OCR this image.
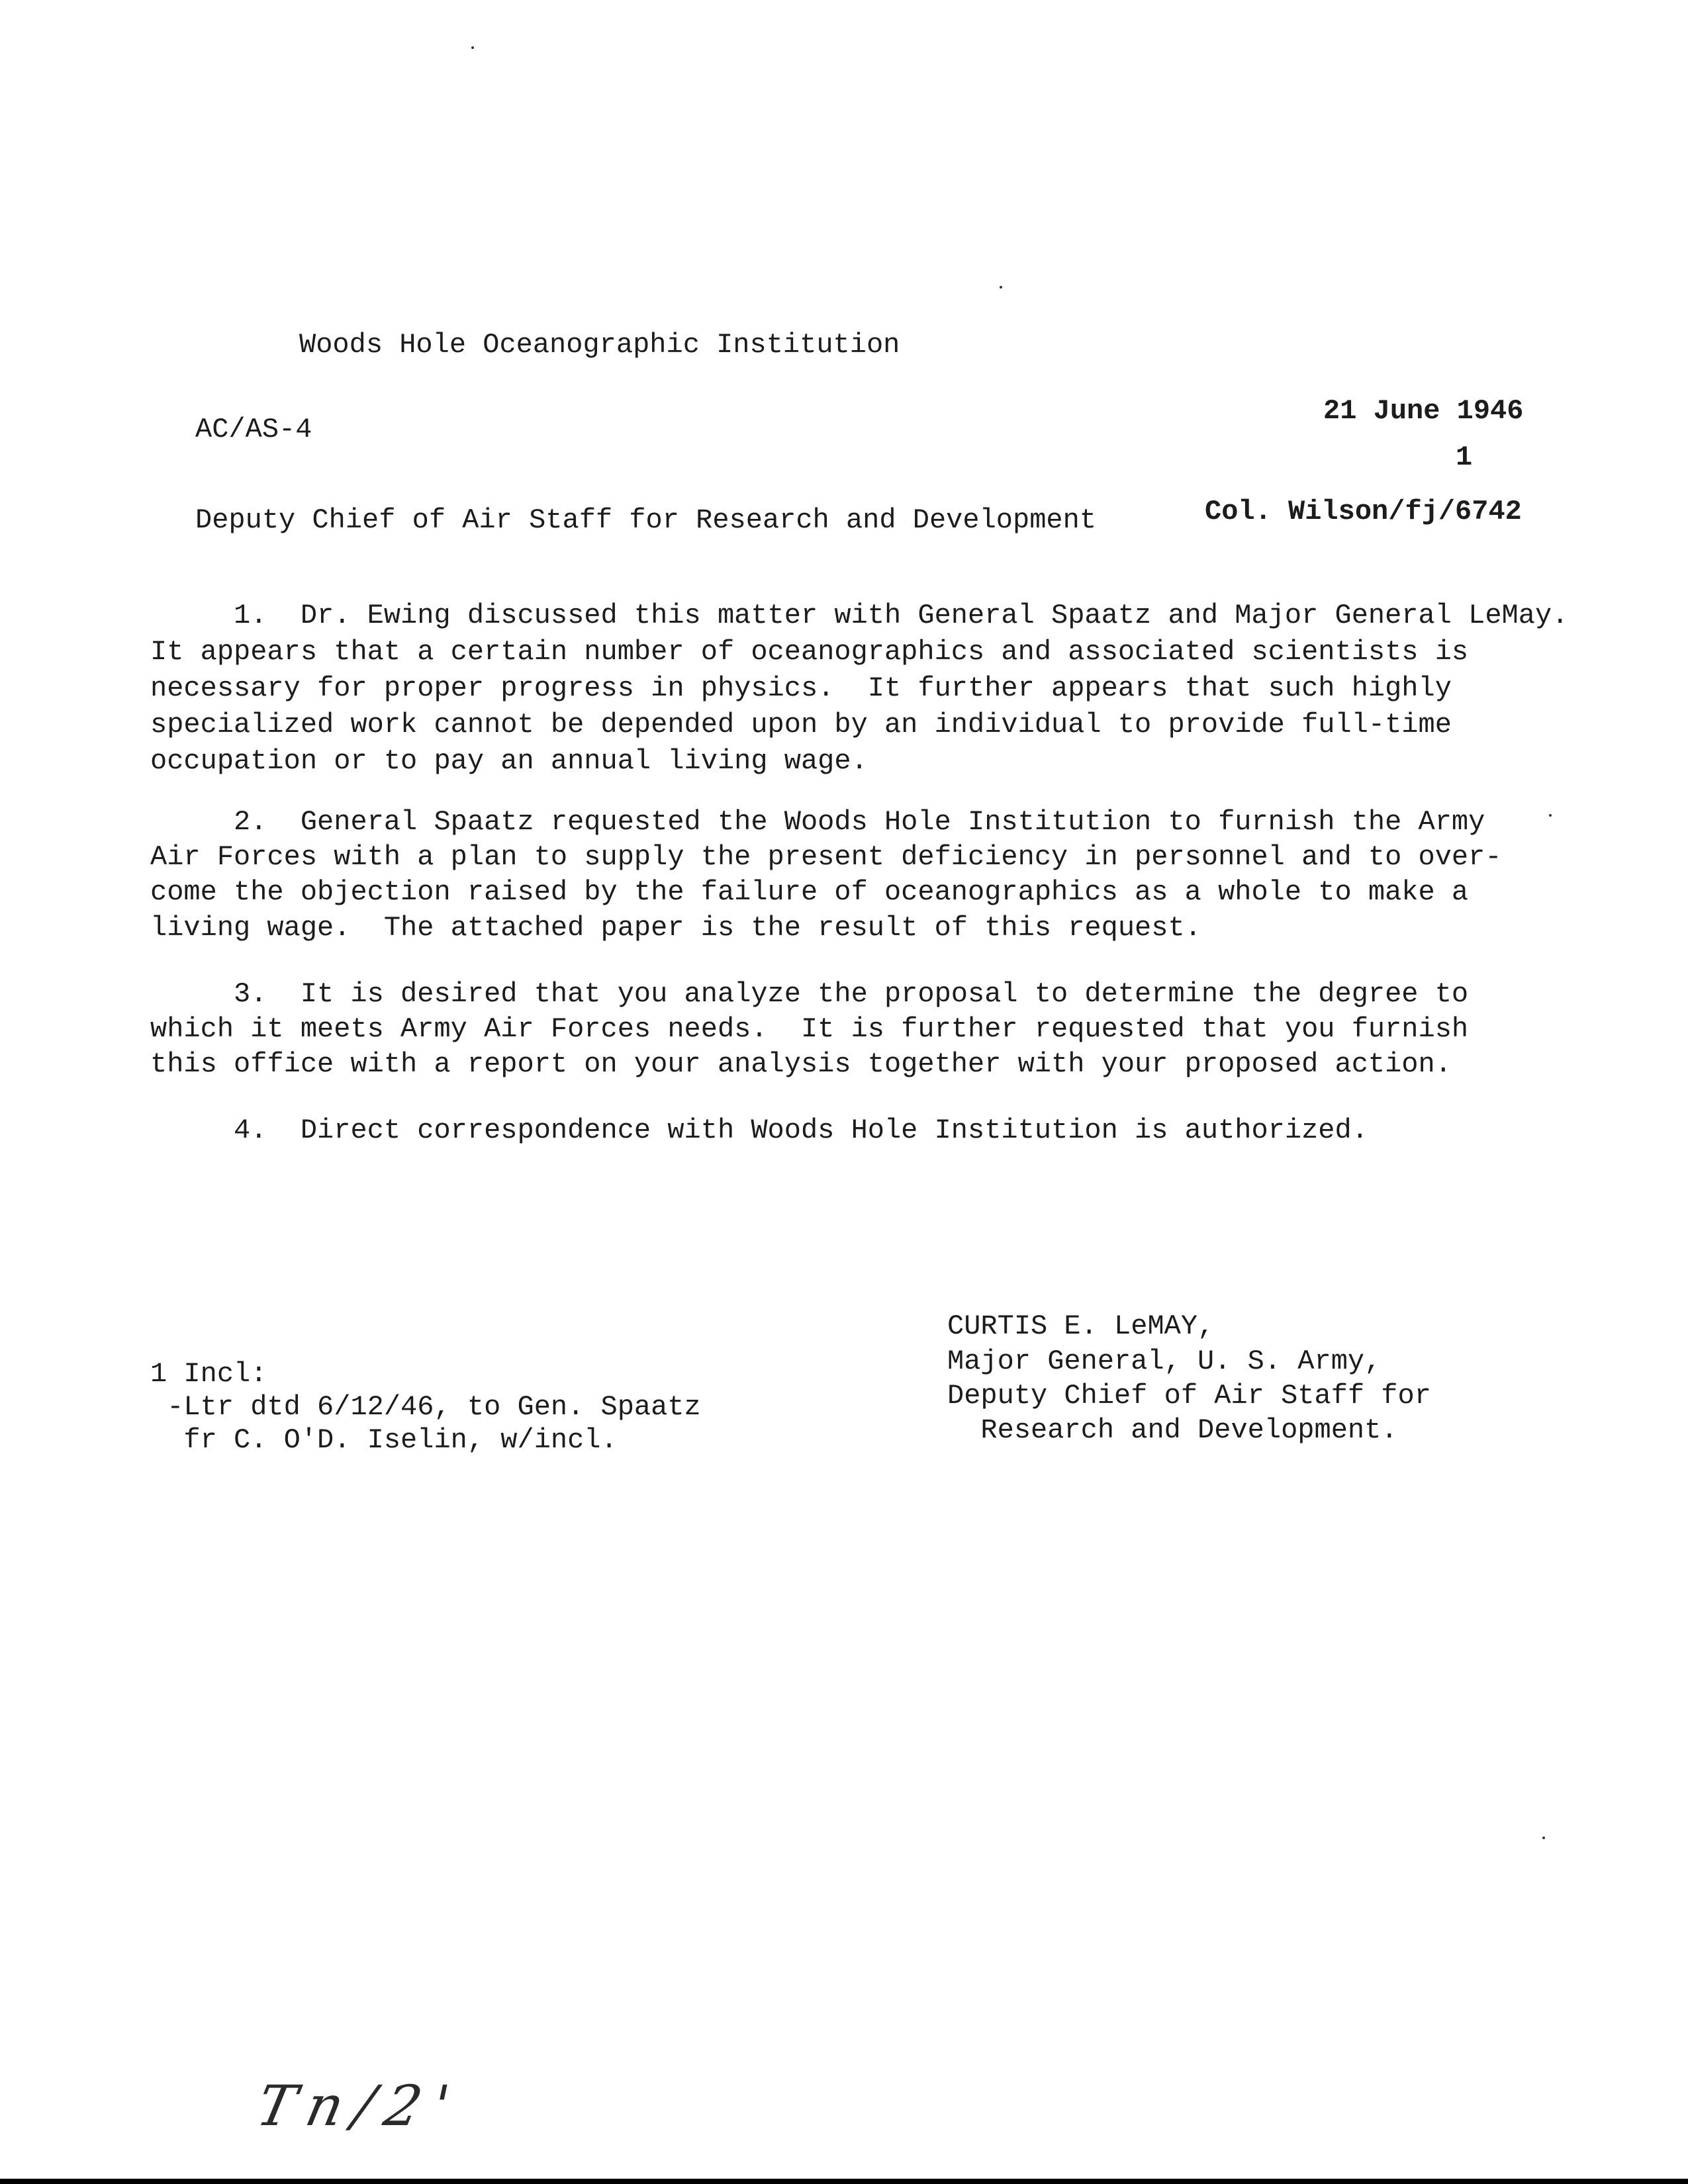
Woods Hole Oceanographic Institution
AC/AS-4
21 June 1946
1
Deputy Chief of Air Staff for Research and Development	Col. Wilson/fj/6742
1.  Dr. Ewing discussed this matter with General Spaatz and Major General LeMay.
It appears that a certain number of oceanographics and associated scientists is
necessary for proper progress in physics.  It further appears that such highly
specialized work cannot be depended upon by an individual to provide full-time
occupation or to pay an annual living wage.
2.  General Spaatz requested the Woods Hole Institution to furnish the Army
Air Forces with a plan to supply the present deficiency in personnel and to over-
come the objection raised by the failure of oceanographics as a whole to make a
living wage.  The attached paper is the result of this request.
3.  It is desired that you analyze the proposal to determine the degree to
which it meets Army Air Forces needs.  It is further requested that you furnish
this office with a report on your analysis together with your proposed action.
4.  Direct correspondence with Woods Hole Institution is authorized.
CURTIS E. LeMAY,
Major General, U. S. Army,
Deputy Chief of Air Staff for
Research and Development.
1 Incl:
-Ltr dtd 6/12/46, to Gen. Spaatz
fr C. O'D. Iselin, w/incl.
Tn/2'
